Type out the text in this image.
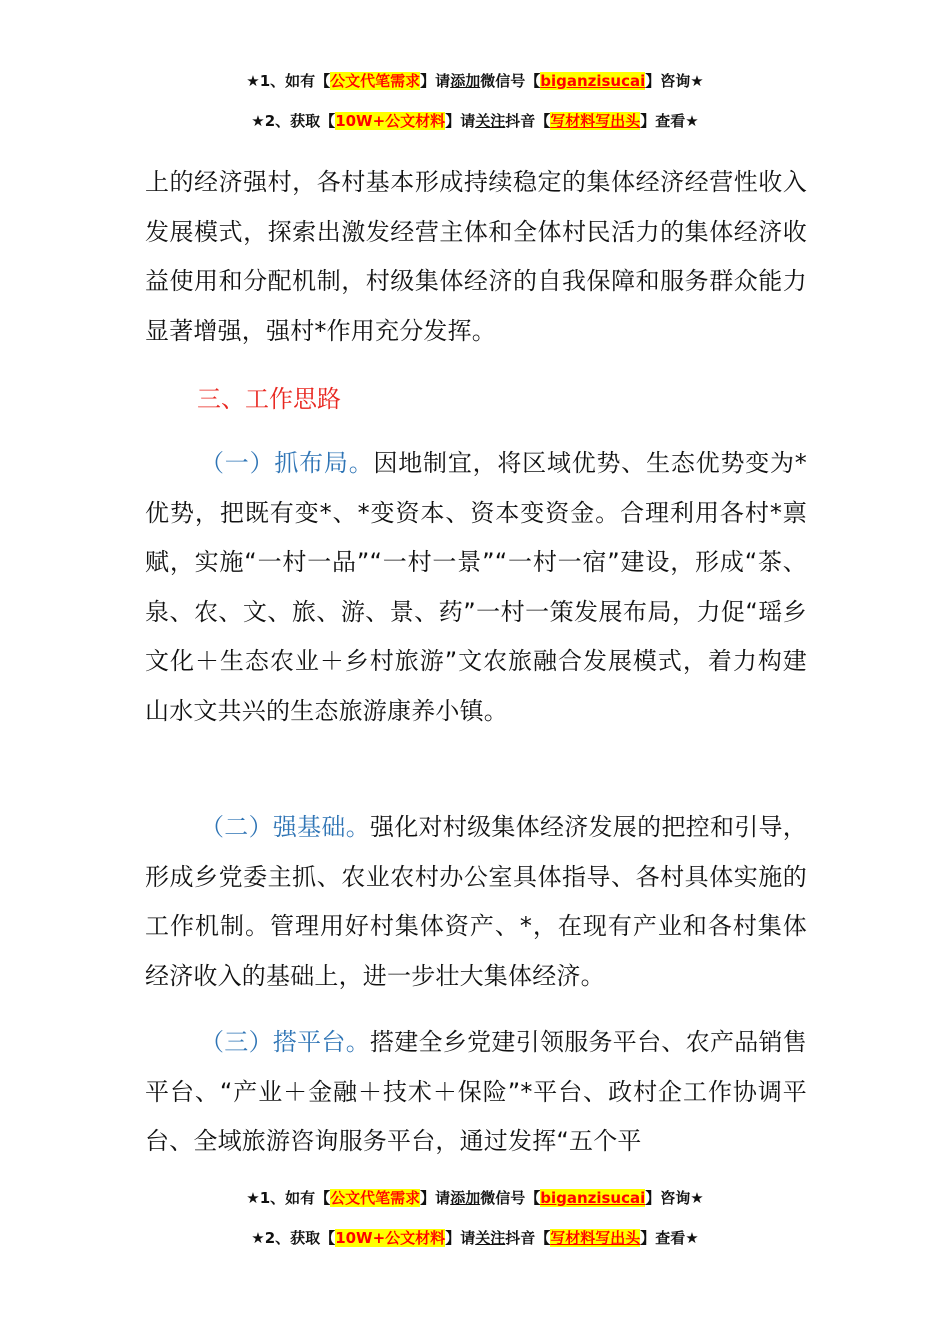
★1、如有【公文代笔需求】请添加微信号【biganzisucai】咨询★
★2、获取【10W+公文材料】请关注抖音【写材料写出头】查看★

上的经济强村，各村基本形成持续稳定的集体经济经营性收入发展模式，探索出激发经营主体和全体村民活力的集体经济收益使用和分配机制，村级集体经济的自我保障和服务群众能力显著增强，强村*作用充分发挥。

三、工作思路

（一）抓布局。因地制宜，将区域优势、生态优势变为*优势，把既有变*、*变资本、资本变资金。合理利用各村*禀赋，实施“一村一品”“一村一景”“一村一宿”建设，形成“茶、泉、农、文、旅、游、景、药”一村一策发展布局，力促“瑶乡文化＋生态农业＋乡村旅游”文农旅融合发展模式，着力构建山水文共兴的生态旅游康养小镇。

（二）强基础。强化对村级集体经济发展的把控和引导，形成乡党委主抓、农业农村办公室具体指导、各村具体实施的工作机制。管理用好村集体资产、*，在现有产业和各村集体经济收入的基础上，进一步壮大集体经济。

（三）搭平台。搭建全乡党建引领服务平台、农产品销售平台、“产业＋金融＋技术＋保险”*平台、政村企工作协调平台、全域旅游咨询服务平台，通过发挥“五个平

★1、如有【公文代笔需求】请添加微信号【biganzisucai】咨询★
★2、获取【10W+公文材料】请关注抖音【写材料写出头】查看★
